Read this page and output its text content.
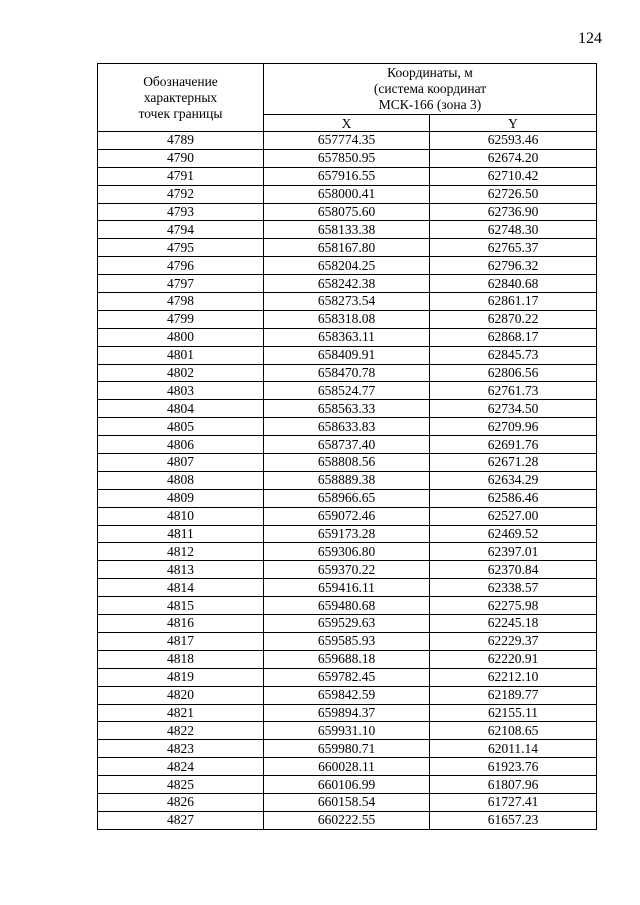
124
Обозначение
характерных
точек границы	Координаты, м
(система координат
МСК-166 (зона 3)	

	X	Y
4789	657774.35	62593.46
4790	657850.95	62674.20
4791	657916.55	62710.42
4792	658000.41	62726.50
4793	658075.60	62736.90
4794	658133.38	62748.30
4795	658167.80	62765.37
4796	658204.25	62796.32
4797	658242.38	62840.68
4798	658273.54	62861.17
4799	658318.08	62870.22
4800	658363.11	62868.17
4801	658409.91	62845.73
4802	658470.78	62806.56
4803	658524.77	62761.73
4804	658563.33	62734.50
4805	658633.83	62709.96
4806	658737.40	62691.76
4807	658808.56	62671.28
4808	658889.38	62634.29
4809	658966.65	62586.46
4810	659072.46	62527.00
4811	659173.28	62469.52
4812	659306.80	62397.01
4813	659370.22	62370.84
4814	659416.11	62338.57
4815	659480.68	62275.98
4816	659529.63	62245.18
4817	659585.93	62229.37
4818	659688.18	62220.91
4819	659782.45	62212.10
4820	659842.59	62189.77
4821	659894.37	62155.11
4822	659931.10	62108.65
4823	659980.71	62011.14
4824	660028.11	61923.76
4825	660106.99	61807.96
4826	660158.54	61727.41
4827	660222.55	61657.23
